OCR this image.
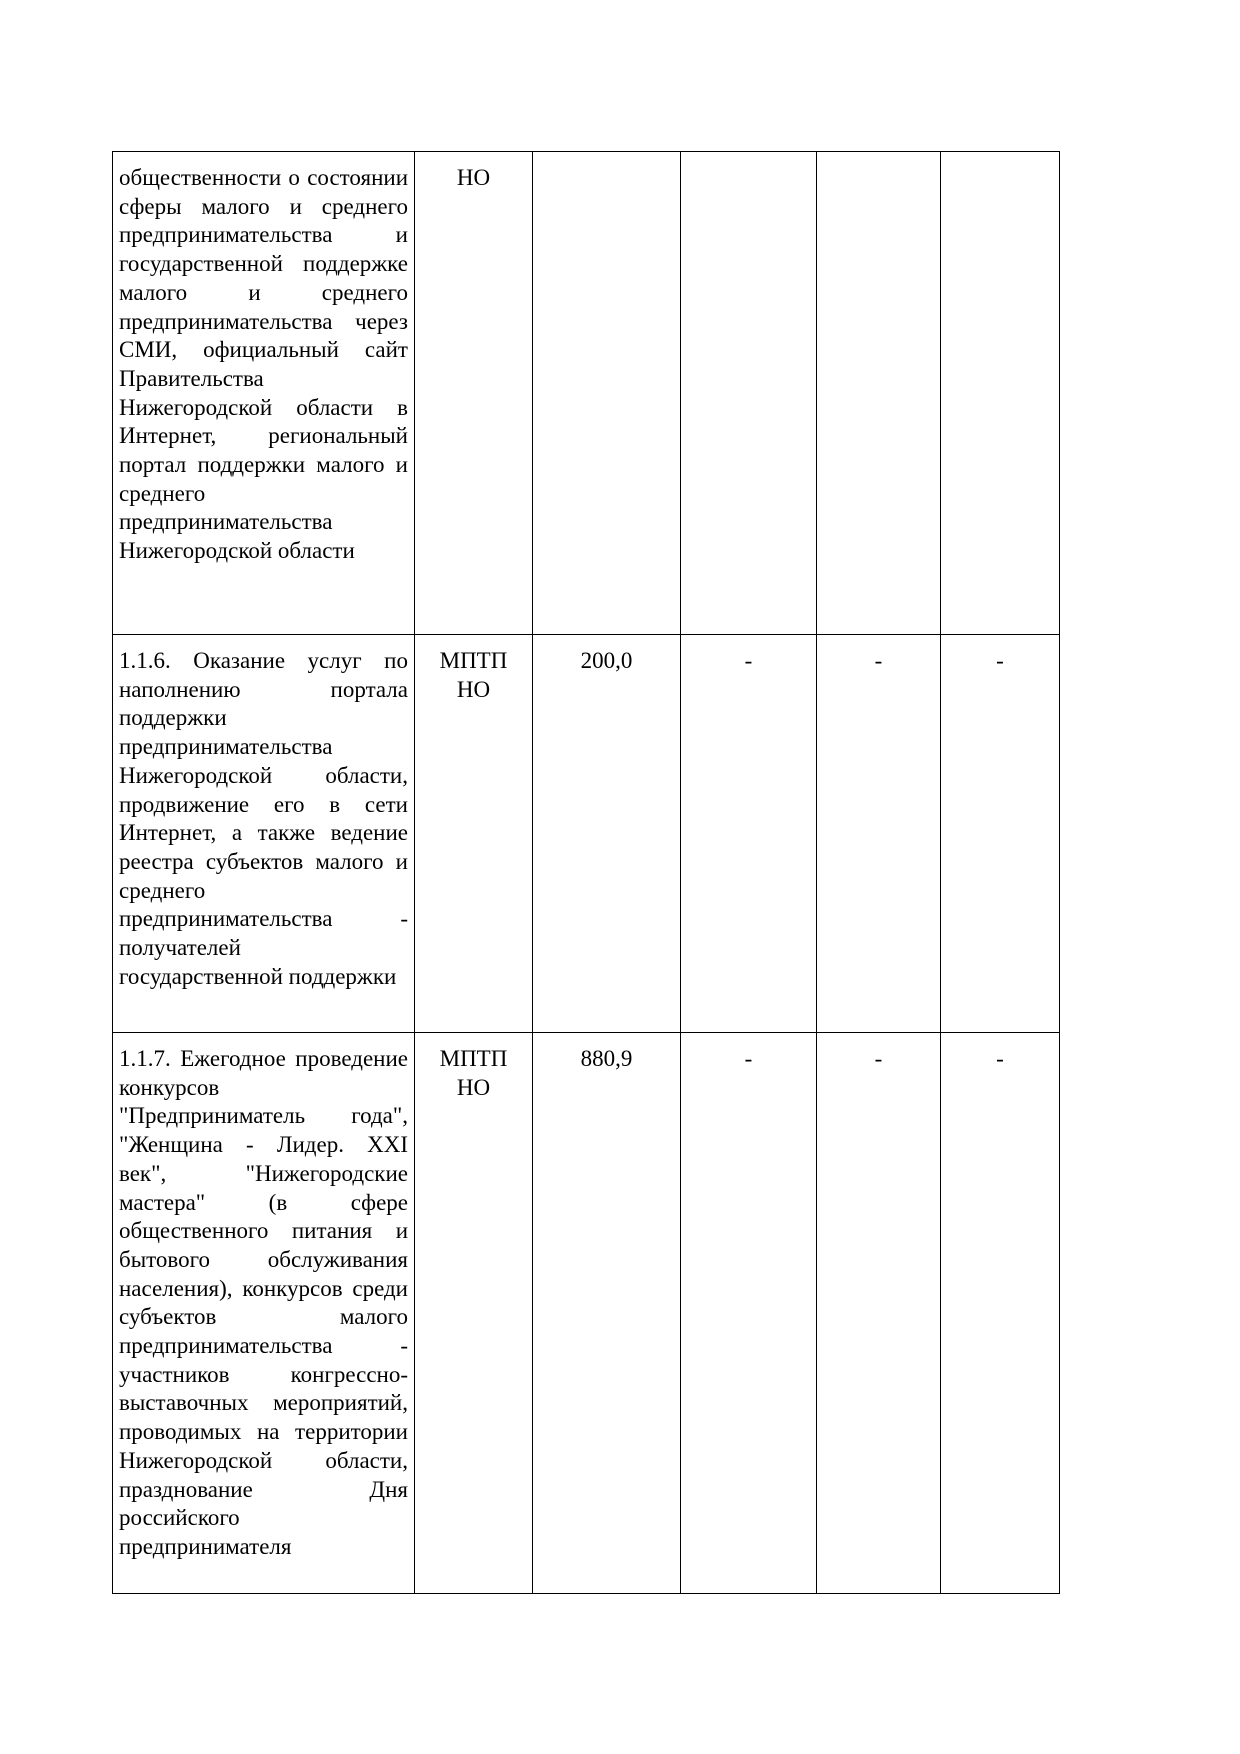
общественности о состоянии сферы малого и среднего предпринимательства и государственной поддержке малого и среднего предпринимательства через СМИ, официальный сайт Правительства Нижегородской области в Интернет, региональный портал поддержки малого и среднего предпринимательства Нижегородской области	НО				
1.1.6. Оказание услуг по наполнению портала поддержки предпринимательства Нижегородской области, продвижение его в сети Интернет, а также ведение реестра субъектов малого и среднего предпринимательства - получателей государственной поддержки	МПТП НО	200,0	-	-	-
1.1.7. Ежегодное проведение конкурсов "Предприниматель года", "Женщина - Лидер. XXI век", "Нижегородские мастера" (в сфере общественного питания и бытового обслуживания населения), конкурсов среди субъектов малого предпринимательства - участников конгрессно-выставочных мероприятий, проводимых на территории Нижегородской области, празднование Дня российского предпринимателя	МПТП НО	880,9	-	-	-
